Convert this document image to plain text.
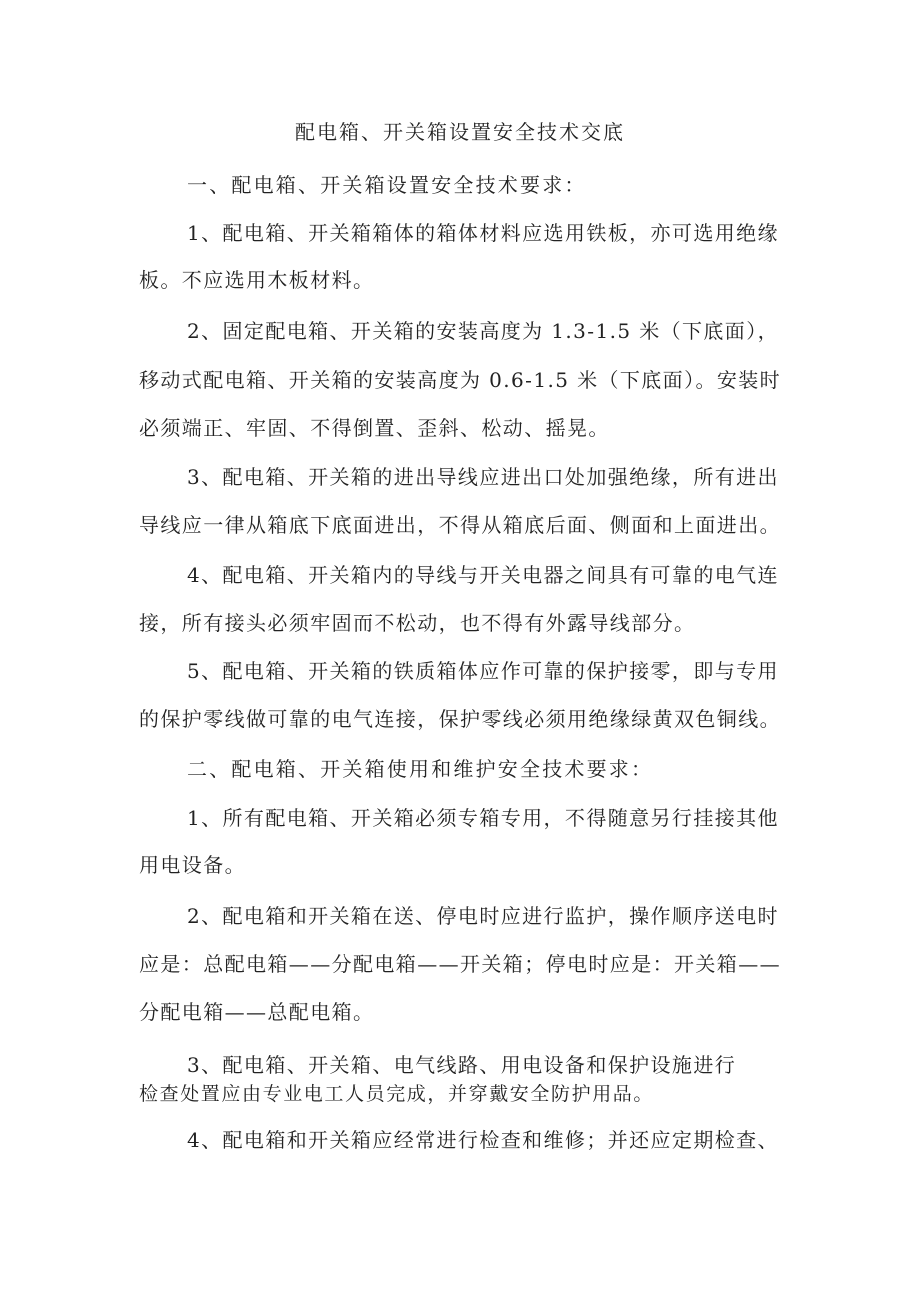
配电箱、开关箱设置安全技术交底
一、配电箱、开关箱设置安全技术要求：
1、配电箱、开关箱箱体的箱体材料应选用铁板，亦可选用绝缘
板。不应选用木板材料。
2、固定配电箱、开关箱的安装高度为 1.3-1.5 米（下底面），
移动式配电箱、开关箱的安装高度为 0.6-1.5 米（下底面）。安装时
必须端正、牢固、不得倒置、歪斜、松动、摇晃。
3、配电箱、开关箱的进出导线应进出口处加强绝缘，所有进出
导线应一律从箱底下底面进出，不得从箱底后面、侧面和上面进出。
4、配电箱、开关箱内的导线与开关电器之间具有可靠的电气连
接，所有接头必须牢固而不松动，也不得有外露导线部分。
5、配电箱、开关箱的铁质箱体应作可靠的保护接零，即与专用
的保护零线做可靠的电气连接，保护零线必须用绝缘绿黄双色铜线。
二、配电箱、开关箱使用和维护安全技术要求：
1、所有配电箱、开关箱必须专箱专用，不得随意另行挂接其他
用电设备。
2、配电箱和开关箱在送、停电时应进行监护，操作顺序送电时
应是：总配电箱——分配电箱——开关箱；停电时应是：开关箱——
分配电箱——总配电箱。
3、配电箱、开关箱、电气线路、用电设备和保护设施进行
检查处置应由专业电工人员完成，并穿戴安全防护用品。
4、配电箱和开关箱应经常进行检查和维修；并还应定期检查、
